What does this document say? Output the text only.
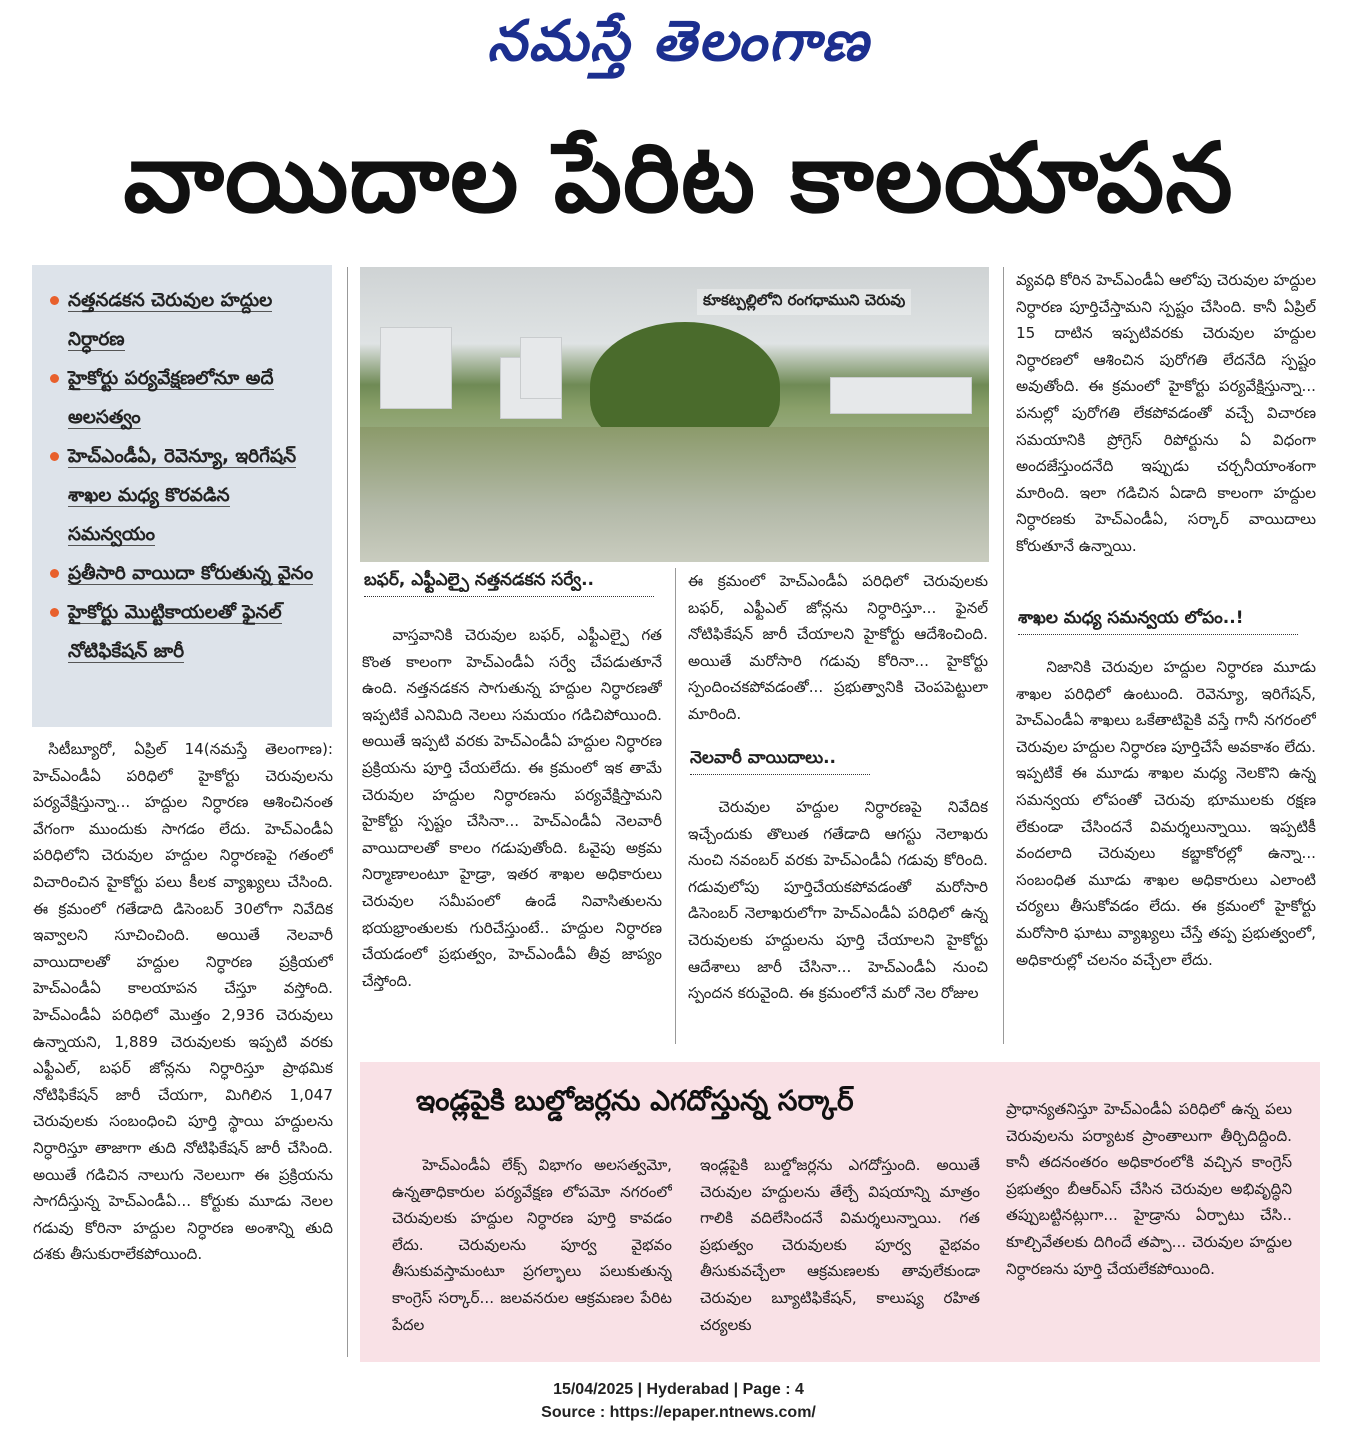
నమస్తే తెలంగాణ
వాయిదాల పేరిట కాలయాపన
నత్తనడకన చెరువుల హద్దుల నిర్ధారణ
హైకోర్టు పర్యవేక్షణలోనూ అదే అలసత్వం
హెచ్ఎండీఏ, రెవెన్యూ, ఇరిగేషన్ శాఖల మధ్య కొరవడిన సమన్వయం
ప్రతీసారి వాయిదా కోరుతున్న వైనం
హైకోర్టు మొట్టికాయలతో ఫైనల్ నోటిఫికేషన్ జారీ

సిటీబ్యూరో, ఏప్రిల్ 14(నమస్తే తెలంగాణ): హెచ్ఎండీఏ పరిధిలో హైకోర్టు చెరువులను పర్యవేక్షిస్తున్నా... హద్దుల నిర్ధారణ ఆశించినంత వేగంగా ముందుకు సాగడం లేదు. హెచ్ఎండీఏ పరిధిలోని చెరువుల హద్దుల నిర్ధారణపై గతంలో విచారించిన హైకోర్టు పలు కీలక వ్యాఖ్యలు చేసింది. ఈ క్రమంలో గతేడాది డిసెంబర్ 30లోగా నివేదిక ఇవ్వాలని సూచించింది. అయితే నెలవారీ వాయిదాలతో హద్దుల నిర్ధారణ ప్రక్రియలో హెచ్ఎండీఏ కాలయాపన చేస్తూ వస్తోంది. హెచ్ఎండీఏ పరిధిలో మొత్తం 2,936 చెరువులు ఉన్నాయని, 1,889 చెరువులకు ఇప్పటి వరకు ఎఫ్టీఎల్, బఫర్ జోన్లను నిర్ధారిస్తూ ప్రాథమిక నోటిఫికేషన్ జారీ చేయగా, మిగిలిన 1,047 చెరువులకు సంబంధించి పూర్తి స్థాయి హద్దులను నిర్ధారిస్తూ తాజాగా తుది నోటిఫికేషన్ జారీ చేసింది. అయితే గడిచిన నాలుగు నెలలుగా ఈ ప్రక్రియను సాగదీస్తున్న హెచ్ఎండీఏ... కోర్టుకు మూడు నెలల గడువు కోరినా హద్దుల నిర్ధారణ అంశాన్ని తుది దశకు తీసుకురాలేకపోయింది.

కూకట్పల్లిలోని రంగధాముని చెరువు
బఫర్, ఎఫ్టీఎల్పై నత్తనడకన సర్వే..

వాస్తవానికి చెరువుల బఫర్, ఎఫ్టీఎల్పై గత కొంత కాలంగా హెచ్ఎండీఏ సర్వే చేపడుతూనే ఉంది. నత్తనడకన సాగుతున్న హద్దుల నిర్ధారణతో ఇప్పటికే ఎనిమిది నెలలు సమయం గడిచిపోయింది. అయితే ఇప్పటి వరకు హెచ్ఎండీఏ హద్దుల నిర్ధారణ ప్రక్రియను పూర్తి చేయలేదు. ఈ క్రమంలో ఇక తామే చెరువుల హద్దుల నిర్ధారణను పర్యవేక్షిస్తామని హైకోర్టు స్పష్టం చేసినా... హెచ్ఎండీఏ నెలవారీ వాయిదాలతో కాలం గడుపుతోంది. ఓవైపు అక్రమ నిర్మాణాలంటూ హైడ్రా, ఇతర శాఖల అధికారులు చెరువుల సమీపంలో ఉండే నివాసితులను భయభ్రాంతులకు గురిచేస్తుంటే.. హద్దుల నిర్ధారణ చేయడంలో ప్రభుత్వం, హెచ్ఎండీఏ తీవ్ర జాప్యం చేస్తోంది.

ఈ క్రమంలో హెచ్ఎండీఏ పరిధిలో చెరువులకు బఫర్, ఎఫ్టీఎల్ జోన్లను నిర్ధారిస్తూ... ఫైనల్ నోటిఫికేషన్ జారీ చేయాలని హైకోర్టు ఆదేశించింది. అయితే మరోసారి గడువు కోరినా... హైకోర్టు స్పందించకపోవడంతో... ప్రభుత్వానికి చెంపపెట్టులా మారింది.

నెలవారీ వాయిదాలు..

చెరువుల హద్దుల నిర్ధారణపై నివేదిక ఇచ్చేందుకు తొలుత గతేడాది ఆగస్టు నెలాఖరు నుంచి నవంబర్ వరకు హెచ్ఎండీఏ గడువు కోరింది. గడువులోపు పూర్తిచేయకపోవడంతో మరోసారి డిసెంబర్ నెలాఖరులోగా హెచ్ఎండీఏ పరిధిలో ఉన్న చెరువులకు హద్దులను పూర్తి చేయాలని హైకోర్టు ఆదేశాలు జారీ చేసినా... హెచ్ఎండీఏ నుంచి స్పందన కరువైంది. ఈ క్రమంలోనే మరో నెల రోజుల

వ్యవధి కోరిన హెచ్ఎండీఏ ఆలోపు చెరువుల హద్దుల నిర్ధారణ పూర్తిచేస్తామని స్పష్టం చేసింది. కానీ ఏప్రిల్ 15 దాటిన ఇప్పటివరకు చెరువుల హద్దుల నిర్ధారణలో ఆశించిన పురోగతి లేదనేది స్పష్టం అవుతోంది. ఈ క్రమంలో హైకోర్టు పర్యవేక్షిస్తున్నా... పనుల్లో పురోగతి లేకపోవడంతో వచ్చే విచారణ సమయానికి ప్రోగ్రెస్ రిపోర్టును ఏ విధంగా అందజేస్తుందనేది ఇప్పుడు చర్చనీయాంశంగా మారింది. ఇలా గడిచిన ఏడాది కాలంగా హద్దుల నిర్ధారణకు హెచ్ఎండీఏ, సర్కార్ వాయిదాలు కోరుతూనే ఉన్నాయి.

శాఖల మధ్య సమన్వయ లోపం..!

నిజానికి చెరువుల హద్దుల నిర్ధారణ మూడు శాఖల పరిధిలో ఉంటుంది. రెవెన్యూ, ఇరిగేషన్, హెచ్ఎండీఏ శాఖలు ఒకేతాటిపైకి వస్తే గానీ నగరంలో చెరువుల హద్దుల నిర్ధారణ పూర్తిచేసే అవకాశం లేదు. ఇప్పటికే ఈ మూడు శాఖల మధ్య నెలకొని ఉన్న సమన్వయ లోపంతో చెరువు భూములకు రక్షణ లేకుండా చేసిందనే విమర్శలున్నాయి. ఇప్పటికీ వందలాది చెరువులు కబ్జాకోరల్లో ఉన్నా... సంబంధిత మూడు శాఖల అధికారులు ఎలాంటి చర్యలు తీసుకోవడం లేదు. ఈ క్రమంలో హైకోర్టు మరోసారి ఘాటు వ్యాఖ్యలు చేస్తే తప్ప ప్రభుత్వంలో, అధికారుల్లో చలనం వచ్చేలా లేదు.

ఇండ్లపైకి బుల్డోజర్లను ఎగదోస్తున్న సర్కార్

హెచ్ఎండీఏ లేక్స్ విభాగం అలసత్వమో, ఉన్నతాధికారుల పర్యవేక్షణ లోపమో నగరంలో చెరువులకు హద్దుల నిర్ధారణ పూర్తి కావడం లేదు. చెరువులను పూర్వ వైభవం తీసుకువస్తామంటూ ప్రగల్భాలు పలుకుతున్న కాంగ్రెస్ సర్కార్... జలవనరుల ఆక్రమణల పేరిట పేదల

ఇండ్లపైకి బుల్డోజర్లను ఎగదోస్తుంది. అయితే చెరువుల హద్దులను తేల్చే విషయాన్ని మాత్రం గాలికి వదిలేసిందనే విమర్శలున్నాయి. గత ప్రభుత్వం చెరువులకు పూర్వ వైభవం తీసుకువచ్చేలా ఆక్రమణలకు తావులేకుండా చెరువుల బ్యూటిఫికేషన్, కాలుష్య రహిత చర్యలకు

ప్రాధాన్యతనిస్తూ హెచ్ఎండీఏ పరిధిలో ఉన్న పలు చెరువులను పర్యాటక ప్రాంతాలుగా తీర్చిదిద్దింది. కానీ తదనంతరం అధికారంలోకి వచ్చిన కాంగ్రెస్ ప్రభుత్వం బీఆర్ఎస్ చేసిన చెరువుల అభివృద్ధిని తప్పుబట్టినట్లుగా... హైడ్రాను ఏర్పాటు చేసి.. కూల్చివేతలకు దిగిందే తప్పా... చెరువుల హద్దుల నిర్ధారణను పూర్తి చేయలేకపోయింది.

15/04/2025 | Hyderabad | Page : 4
Source : https://epaper.ntnews.com/
